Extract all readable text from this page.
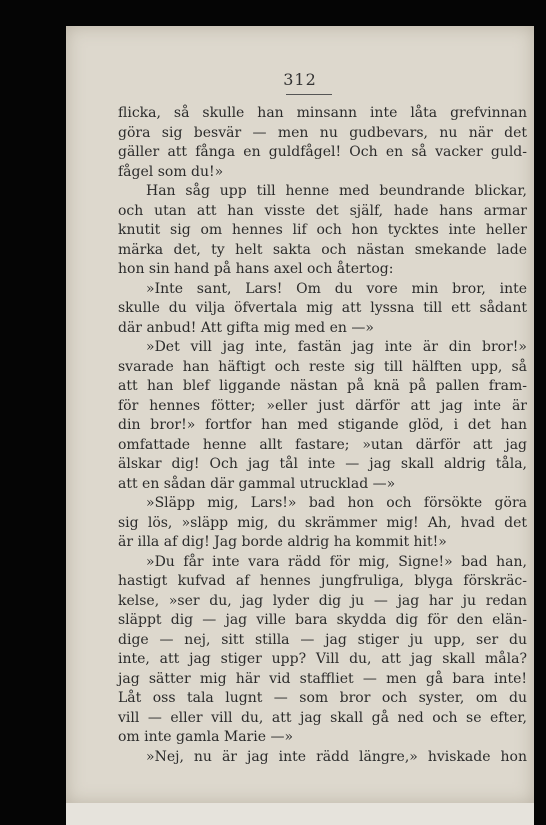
312
flicka, så skulle han minsann inte låta grefvinnan
göra sig besvär — men nu gudbevars, nu när det
gäller att fånga en guldfågel! Och en så vacker guld-
fågel som du!»
Han såg upp till henne med beundrande blickar,
och utan att han visste det själf, hade hans armar
knutit sig om hennes lif och hon tycktes inte heller
märka det, ty helt sakta och nästan smekande lade
hon sin hand på hans axel och återtog:
»Inte sant, Lars! Om du vore min bror, inte
skulle du vilja öfvertala mig att lyssna till ett sådant
där anbud! Att gifta mig med en —»
»Det vill jag inte, fastän jag inte är din bror!»
svarade han häftigt och reste sig till hälften upp, så
att han blef liggande nästan på knä på pallen fram-
för hennes fötter; »eller just därför att jag inte är
din bror!» fortfor han med stigande glöd, i det han
omfattade henne allt fastare; »utan därför att jag
älskar dig! Och jag tål inte — jag skall aldrig tåla,
att en sådan där gammal utrucklad —»
»Släpp mig, Lars!» bad hon och försökte göra
sig lös, »släpp mig, du skrämmer mig! Ah, hvad det
är illa af dig! Jag borde aldrig ha kommit hit!»
»Du får inte vara rädd för mig, Signe!» bad han,
hastigt kufvad af hennes jungfruliga, blyga förskräc-
kelse, »ser du, jag lyder dig ju — jag har ju redan
släppt dig — jag ville bara skydda dig för den elän-
dige — nej, sitt stilla — jag stiger ju upp, ser du
inte, att jag stiger upp? Vill du, att jag skall måla?
jag sätter mig här vid staffliet — men gå bara inte!
Låt oss tala lugnt — som bror och syster, om du
vill — eller vill du, att jag skall gå ned och se efter,
om inte gamla Marie —»
»Nej, nu är jag inte rädd längre,» hviskade hon
